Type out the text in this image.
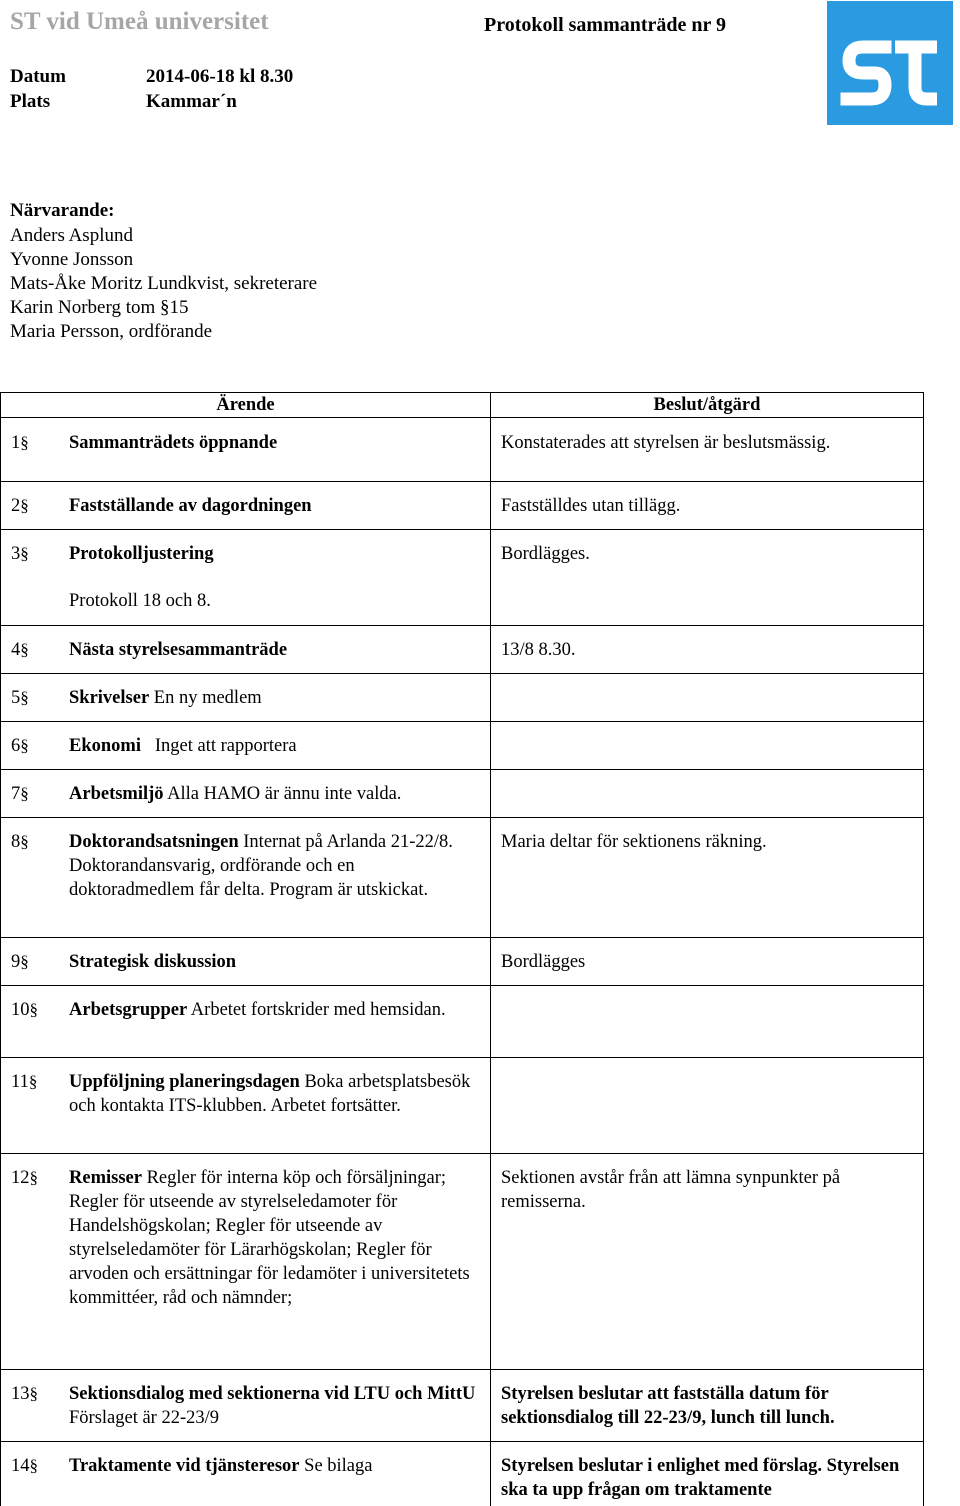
ST vid Umeå universitet	Protokoll sammanträde nr 9
Datum	2014-06-18 kl 8.30
Plats	Kammar´n
Närvarande:
Anders Asplund
Yvonne Jonsson
Mats-Åke Moritz Lundkvist, sekreterare
Karin Norberg tom §15
Maria Persson, ordförande
Ärende	Beslut/åtgärd

1§ Sammanträdets öppnande	Konstaterades att styrelsen är beslutsmässig.

2§ Fastställande av dagordningen	Fastställdes utan tillägg.

3§ Protokolljustering
Protokoll 18 och 8.	Bordlägges.

4§ Nästa styrelsesammanträde	13/8 8.30.

5§ Skrivelser En ny medlem	

6§ Ekonomi Inget att rapportera	

7§ Arbetsmiljö Alla HAMO är ännu inte valda.	

8§ Doktorandsatsningen Internat på Arlanda 21-22/8. Doktorandansvarig, ordförande och en doktoradmedlem får delta. Program är utskickat.	Maria deltar för sektionens räkning.

9§ Strategisk diskussion	Bordlägges

10§ Arbetsgrupper Arbetet fortskrider med hemsidan.	

11§ Uppföljning planeringsdagen Boka arbetsplatsbesök och kontakta ITS-klubben. Arbetet fortsätter.	

12§ Remisser Regler för interna köp och försäljningar; Regler för utseende av styrelseledamoter för Handelshögskolan; Regler för utseende av styrelseledamöter för Lärarhögskolan; Regler för arvoden och ersättningar för ledamöter i universitetets kommittéer, råd och nämnder;	Sektionen avstår från att lämna synpunkter på remisserna.

13§ Sektionsdialog med sektionerna vid LTU och MittU Förslaget är 22-23/9	Styrelsen beslutar att fastställa datum för sektionsdialog till 22-23/9, lunch till lunch.

14§ Traktamente vid tjänsteresor Se bilaga	Styrelsen beslutar i enlighet med förslag. Styrelsen ska ta upp frågan om traktamente
